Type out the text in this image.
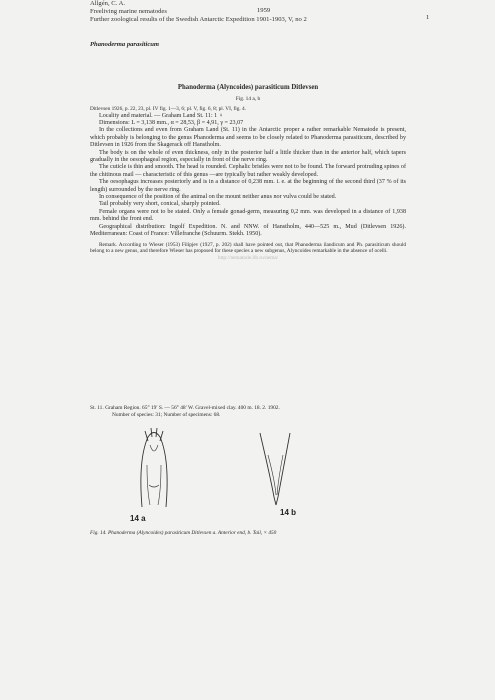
Allgén, C. A.
Freeliving marine nematodes
Further zoological results of the Swedish Antarctic Expedition 1901-1903, V, no 2
1959
1
Phanoderma parasiticum
Phanoderma (Alyncoides) parasiticum Ditlevsen
Fig. 14 a, b

Ditlevsen 1926, p. 22, 23, pl. IV fig. 1—3, 6; pl. V, fig. 6, 8; pl. VI, fig. 4.

Locality and material. — Graham Land St. 11: 1 ♀

Dimensions: L = 3,138 mm., α = 28,53, β = 4,91, γ = 23,07

In the collections and even from Graham Land (St. 11) in the Antarctic proper a rather remarkable Nematode is present, which probably is belonging to the genus Phanoderma and seems to be closely related to Phanoderma parasiticum, described by Ditlevsen in 1926 from the Skagerack off Hanstholm.

The body is on the whole of even thickness, only in the posterior half a little thicker than in the anterior half, which tapers gradually in the oesophageal region, especially in front of the nerve ring.

The cuticle is thin and smooth. The head is rounded. Cephalic bristles were not to be found. The forward protruding spines of the chitinous mail — characteristic of this genus —are typically but rather weakly developed.

The oesophagus increases posteriorly and is in a distance of 0,238 mm. i. e. at the beginning of the second third (37 % of its length) surrounded by the nerve ring.

In consequence of the position of the animal on the mount neither anus nor vulva could be stated.

Tail probably very short, conical, sharply pointed.

Female organs were not to be stated. Only a female gonad-germ, measuring 0,2 mm. was developed in a distance of 1,938 mm. behind the front end.

Geographical distribution: Ingolf Expedition. N. and NNW. of Hanstholm, 440—525 m., Mud (Ditlevsen 1926). Mediterranean: Coast of France: Villefranche (Schuurm. Stekh. 1950).

Remark. According to Wieser (1953) Filipjev (1927, p. 202) shall have pointed out, that Phanoderma ilandicum and Ph. parasiticum should belong to a new genus, and therefore Wieser has proposed for these species a new subgenus, Alyncoides remarkable in the absence of ocelli.

http://nematode.lib.ru/nema/

St. 11. Graham Region. 65° 19′ S. — 56° 48′ W. Gravel-mixed clay. 400 m. 18. 2. 1902.
Number of species: 31; Number of specimens: 68.
14 a
14 b
Fig. 14. Phanoderma (Alyncoides) parasiticum Ditlevsen a. Anterior end, b. Tail, × 450
